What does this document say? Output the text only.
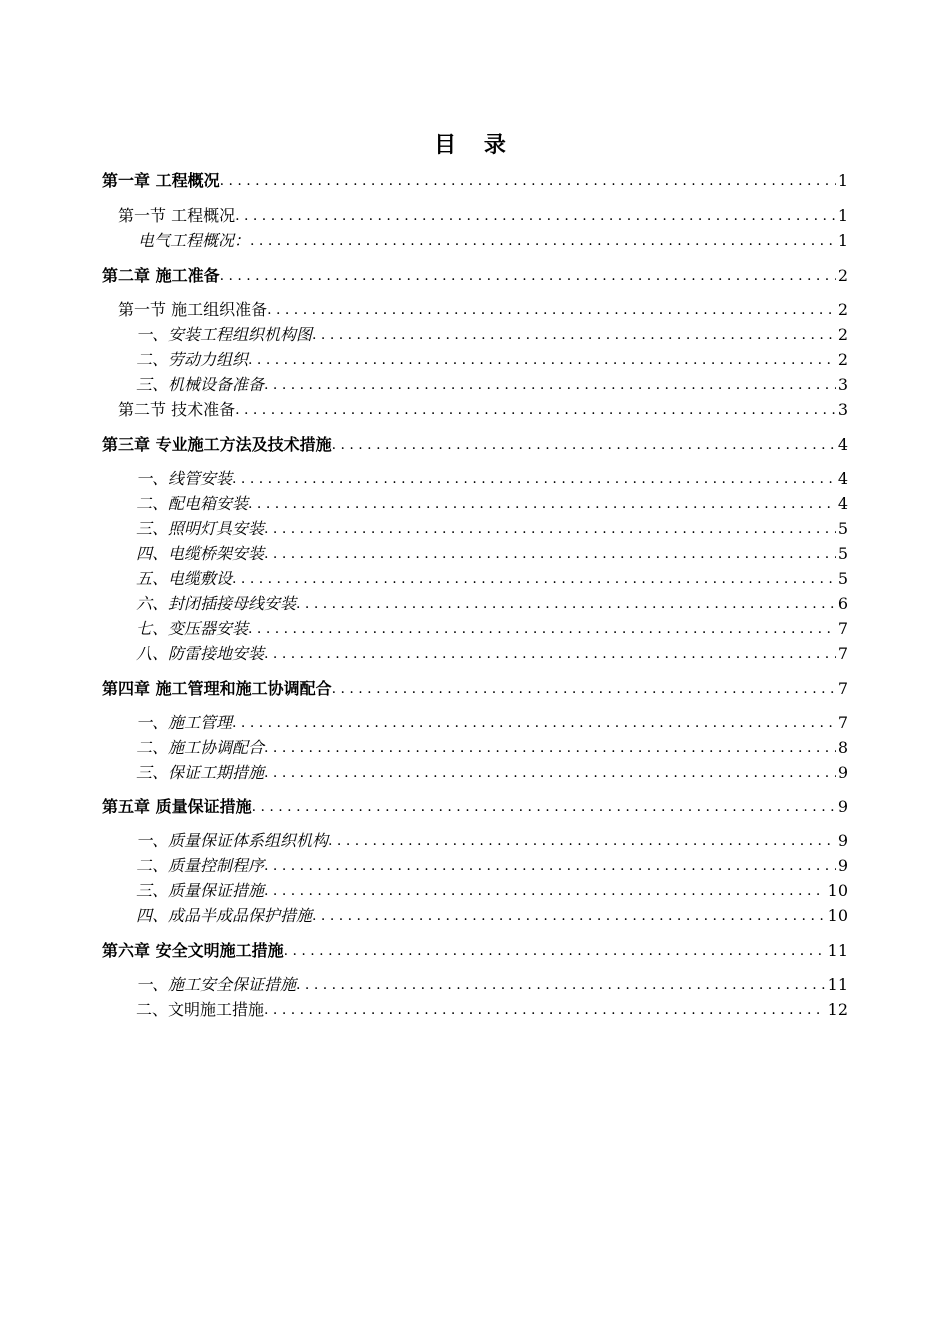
目 录
第一章 工程概况 . . .	1
第一节 工程概况 . . .	1
电气工程概况： . . .	1
第二章 施工准备 . . .	2
第一节 施工组织准备 . . .	2
一、安装工程组织机构图 . . .	2
二、劳动力组织 . . .	2
三、机械设备准备 . . .	3
第二节 技术准备 . . .	3
第三章 专业施工方法及技术措施 . . .	4
一、线管安装 . . .	4
二、配电箱安装 . . .	4
三、照明灯具安装 . . .	5
四、电缆桥架安装 . . .	5
五、电缆敷设 . . .	5
六、封闭插接母线安装 . . .	6
七、变压器安装 . . .	7
八、防雷接地安装 . . .	7
第四章 施工管理和施工协调配合 . . .	7
一、施工管理 . . .	7
二、施工协调配合 . . .	8
三、保证工期措施 . . .	9
第五章 质量保证措施 . . .	9
一、质量保证体系组织机构 . . .	9
二、质量控制程序 . . .	9
三、质量保证措施 . . .	10
四、成品半成品保护措施 . . .	10
第六章 安全文明施工措施 . . .	11
一、施工安全保证措施 . . .	11
二、文明施工措施 . . .	12
